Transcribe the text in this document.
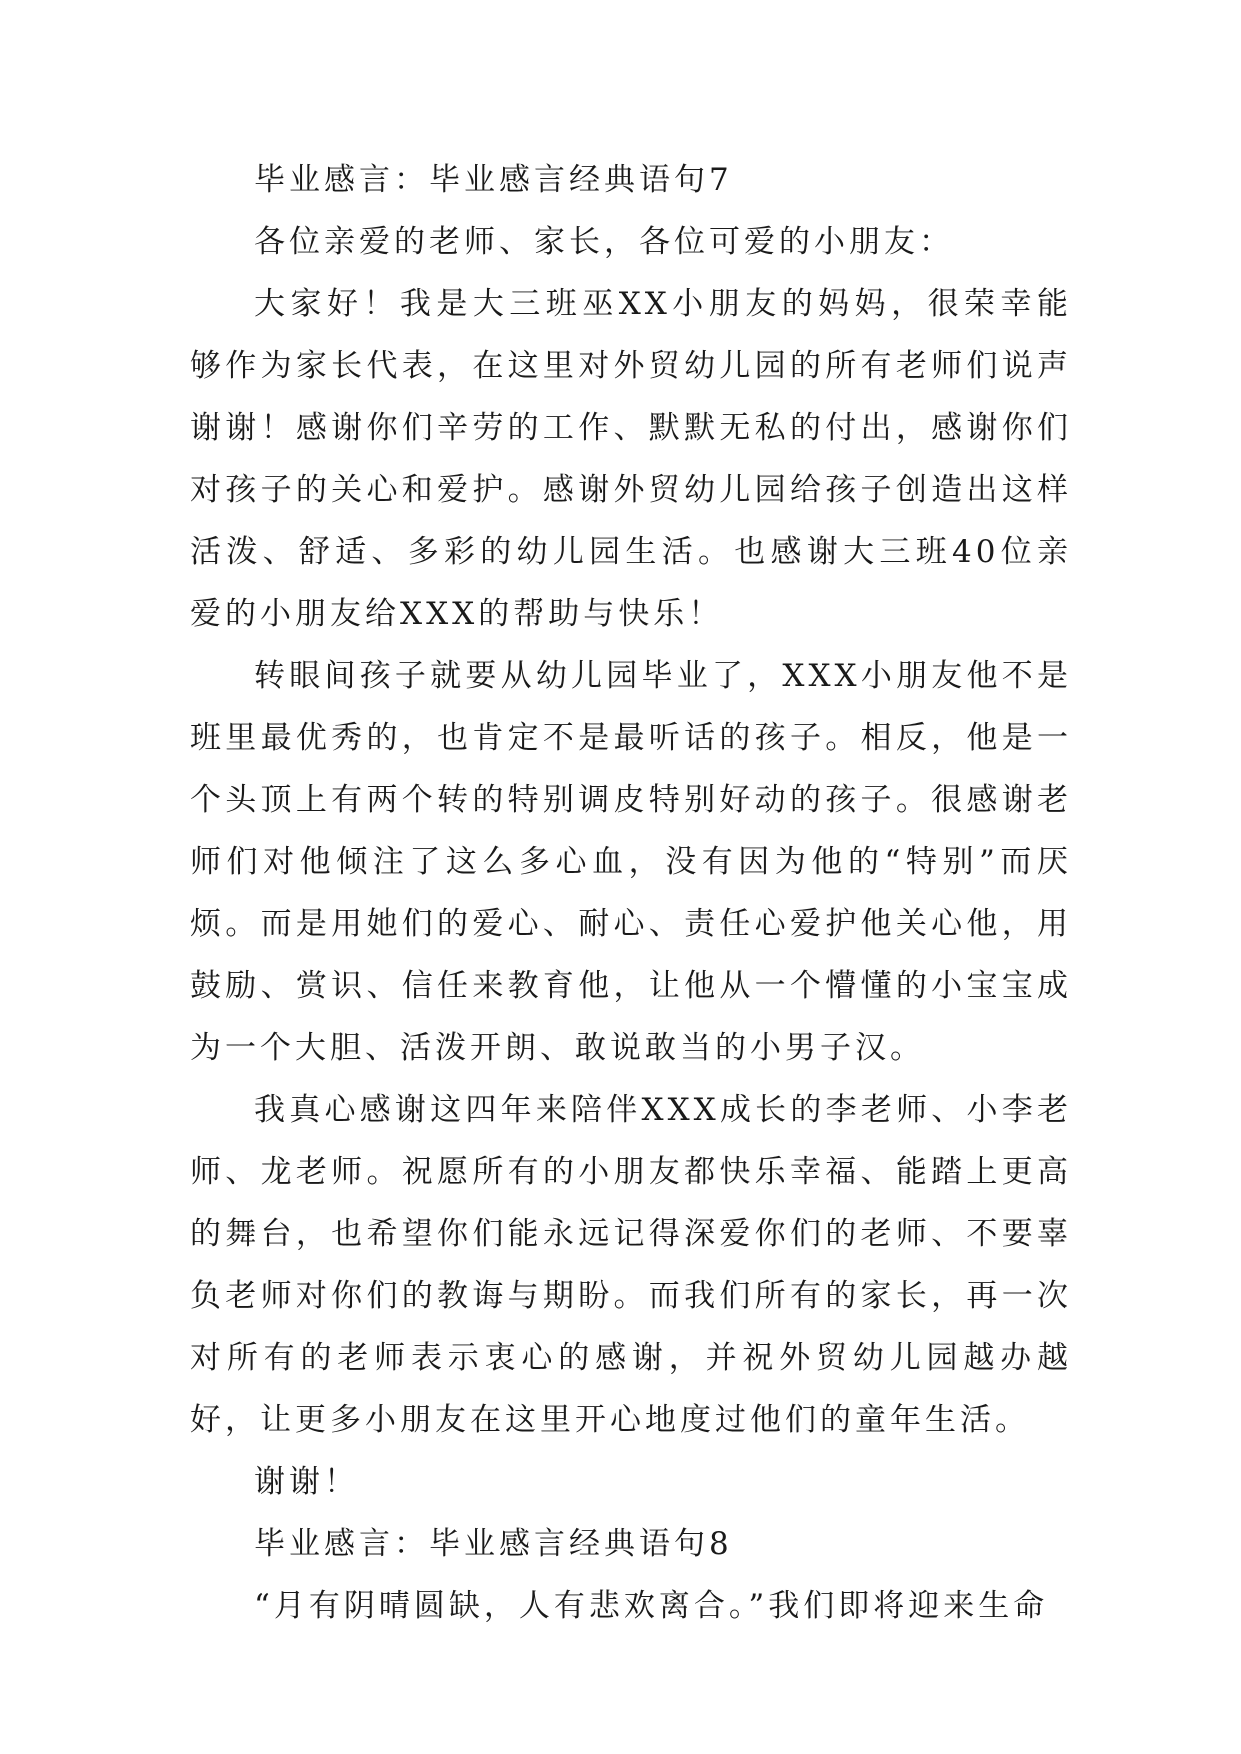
毕业感言：毕业感言经典语句7

各位亲爱的老师、家长，各位可爱的小朋友：

大家好！我是大三班巫XX小朋友的妈妈，很荣幸能够作为家长代表，在这里对外贸幼儿园的所有老师们说声谢谢！感谢你们辛劳的工作、默默无私的付出，感谢你们对孩子的关心和爱护。感谢外贸幼儿园给孩子创造出这样活泼、舒适、多彩的幼儿园生活。也感谢大三班40位亲爱的小朋友给XXX的帮助与快乐！

转眼间孩子就要从幼儿园毕业了，XXX小朋友他不是班里最优秀的，也肯定不是最听话的孩子。相反，他是一个头顶上有两个转的特别调皮特别好动的孩子。很感谢老师们对他倾注了这么多心血，没有因为他的“特别”而厌烦。而是用她们的爱心、耐心、责任心爱护他关心他，用鼓励、赏识、信任来教育他，让他从一个懵懂的小宝宝成为一个大胆、活泼开朗、敢说敢当的小男子汉。

我真心感谢这四年来陪伴XXX成长的李老师、小李老师、龙老师。祝愿所有的小朋友都快乐幸福、能踏上更高的舞台，也希望你们能永远记得深爱你们的老师、不要辜负老师对你们的教诲与期盼。而我们所有的家长，再一次对所有的老师表示衷心的感谢，并祝外贸幼儿园越办越好，让更多小朋友在这里开心地度过他们的童年生活。

谢谢！

毕业感言：毕业感言经典语句8

“月有阴晴圆缺，人有悲欢离合。”我们即将迎来生命
